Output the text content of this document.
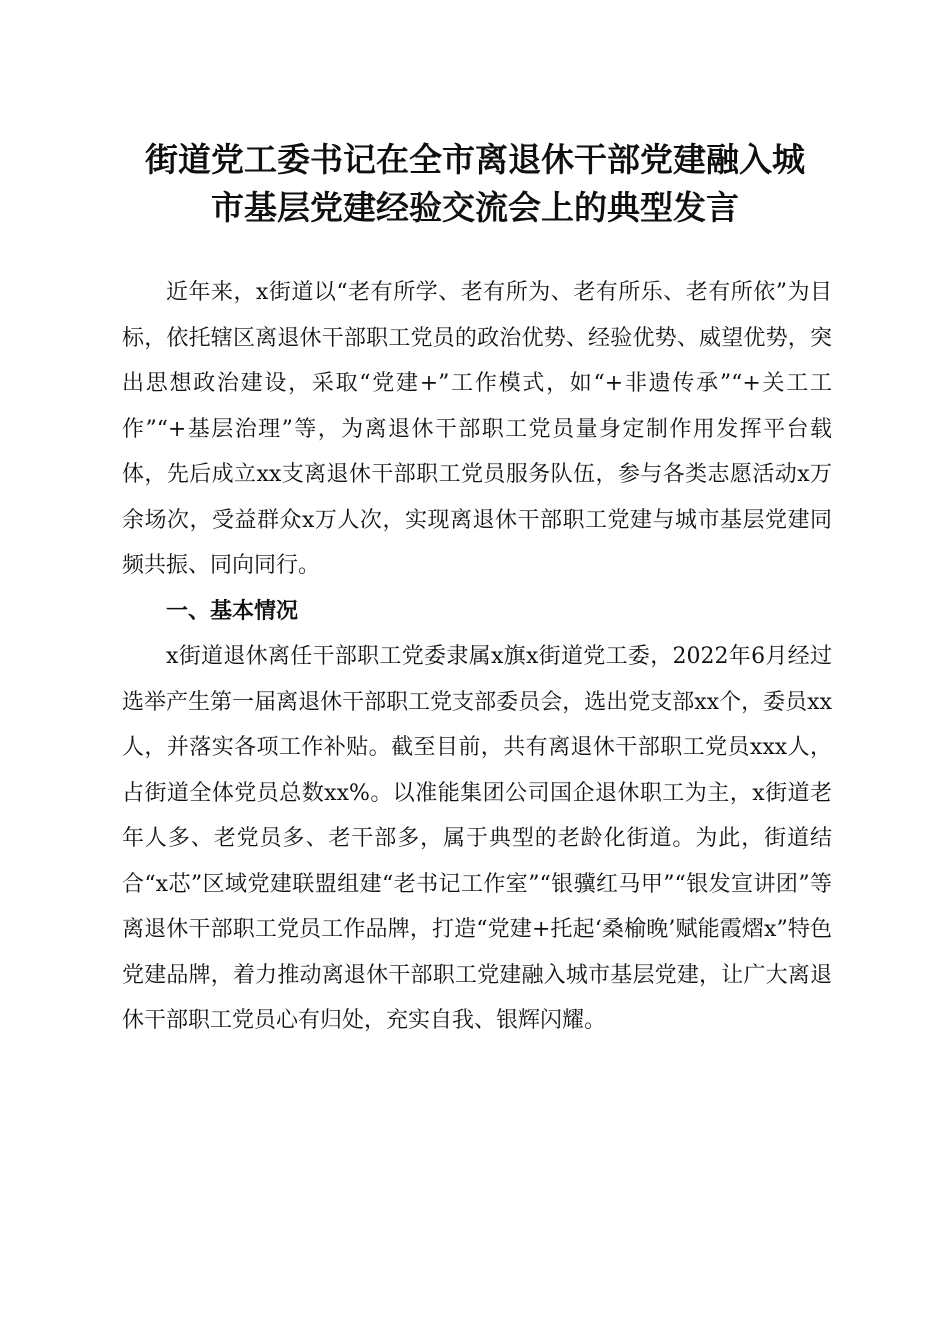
街道党工委书记在全市离退休干部党建融入城
市基层党建经验交流会上的典型发言

近年来，x街道以“老有所学、老有所为、老有所乐、老有所依”为目标，依托辖区离退休干部职工党员的政治优势、经验优势、威望优势，突出思想政治建设，采取“党建+”工作模式，如“+非遗传承”“+关工工作”“+基层治理”等，为离退休干部职工党员量身定制作用发挥平台载体，先后成立xx支离退休干部职工党员服务队伍，参与各类志愿活动x万余场次，受益群众x万人次，实现离退休干部职工党建与城市基层党建同频共振、同向同行。

一、基本情况

x街道退休离任干部职工党委隶属x旗x街道党工委，2022年6月经过选举产生第一届离退休干部职工党支部委员会，选出党支部xx个，委员xx人，并落实各项工作补贴。截至目前，共有离退休干部职工党员xxx人，占街道全体党员总数xx%。以准能集团公司国企退休职工为主，x街道老年人多、老党员多、老干部多，属于典型的老龄化街道。为此，街道结合“x芯”区域党建联盟组建“老书记工作室”“银骥红马甲”“银发宣讲团”等离退休干部职工党员工作品牌，打造“党建+托起‘桑榆晚’赋能霞熠x”特色党建品牌，着力推动离退休干部职工党建融入城市基层党建，让广大离退休干部职工党员心有归处，充实自我、银辉闪耀。
